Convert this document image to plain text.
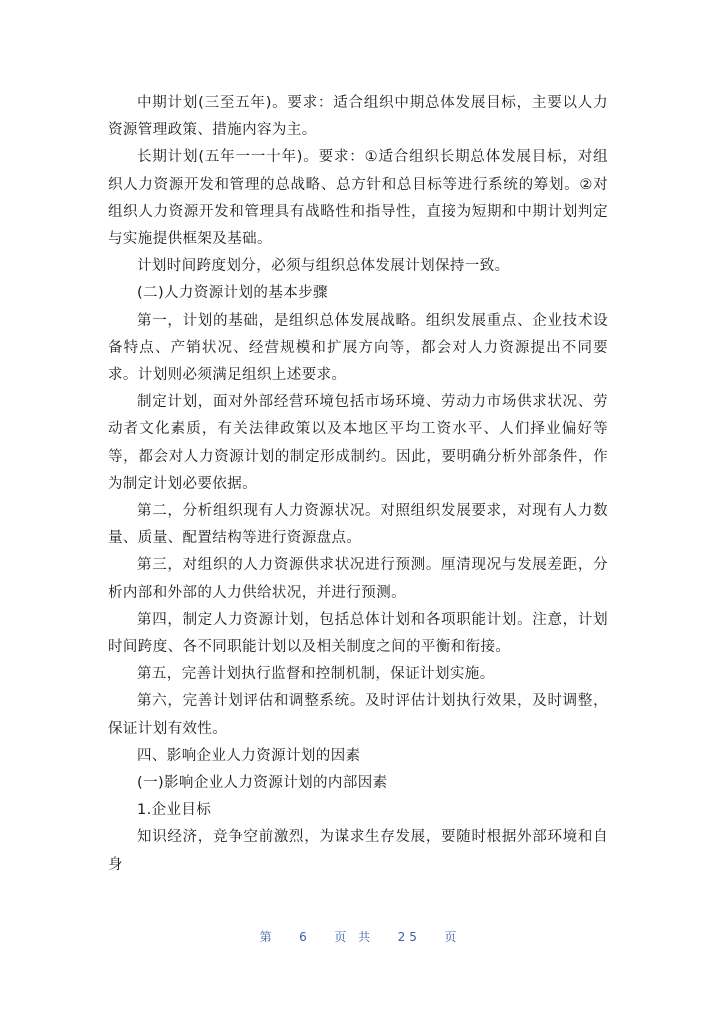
中期计划(三至五年)。要求：适合组织中期总体发展目标，主要以人力资源管理政策、措施内容为主。

长期计划(五年一一十年)。要求：①适合组织长期总体发展目标，对组织人力资源开发和管理的总战略、总方针和总目标等进行系统的筹划。②对组织人力资源开发和管理具有战略性和指导性，直接为短期和中期计划判定与实施提供框架及基础。

计划时间跨度划分，必须与组织总体发展计划保持一致。

(二)人力资源计划的基本步骤

第一，计划的基础，是组织总体发展战略。组织发展重点、企业技术设备特点、产销状况、经营规模和扩展方向等，都会对人力资源提出不同要求。计划则必须满足组织上述要求。

制定计划，面对外部经营环境包括市场环境、劳动力市场供求状况、劳动者文化素质，有关法律政策以及本地区平均工资水平、人们择业偏好等等，都会对人力资源计划的制定形成制约。因此，要明确分析外部条件，作为制定计划必要依据。

第二，分析组织现有人力资源状况。对照组织发展要求，对现有人力数量、质量、配置结构等进行资源盘点。

第三，对组织的人力资源供求状况进行预测。厘清现况与发展差距，分析内部和外部的人力供给状况，并进行预测。

第四，制定人力资源计划，包括总体计划和各项职能计划。注意，计划时间跨度、各不同职能计划以及相关制度之间的平衡和衔接。

第五，完善计划执行监督和控制机制，保证计划实施。

第六，完善计划评估和调整系统。及时评估计划执行效果，及时调整，保证计划有效性。

四、影响企业人力资源计划的因素

(一)影响企业人力资源计划的内部因素

1.企业目标

知识经济，竞争空前激烈，为谋求生存发展，要随时根据外部环境和自身

第 6 页 共 25 页
